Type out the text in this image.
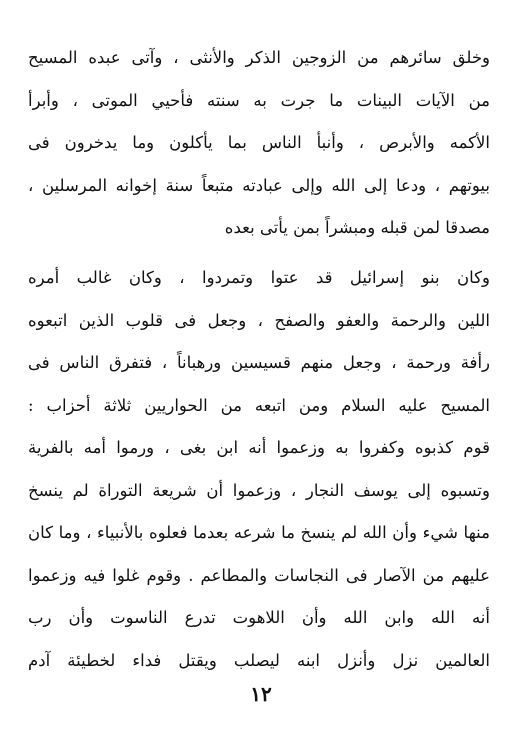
وخلق سائرهم من الزوجين الذكر والأنثى ، وآتى عبده المسيح
من الآيات البينات ما جرت به سنته فأحيي الموتى ، وأبرأ
الأكمه والأبرص ، وأنبأ الناس بما يأكلون وما يدخرون فى
بيوتهم ، ودعا إلى الله وإلى عبادته متبعاً سنة إخوانه المرسلين ،
مصدقا لمن قبله ومبشراً بمن يأتى بعده
وكان بنو إسرائيل قد عتوا وتمردوا ، وكان غالب أمره
اللين والرحمة والعفو والصفح ، وجعل فى قلوب الذين اتبعوه
رأفة ورحمة ، وجعل منهم قسيسين ورهباناً ، فتفرق الناس فى
المسيح عليه السلام ومن اتبعه من الحواريين ثلاثة أحزاب :
قوم كذبوه وكفروا به وزعموا أنه ابن بغى ، ورموا أمه بالفرية
وتسبوه إلى يوسف النجار ، وزعموا أن شريعة التوراة لم ينسخ
منها شيء وأن الله لم ينسخ ما شرعه بعدما فعلوه بالأنبياء ، وما كان
عليهم من الآصار فى النجاسات والمطاعم . وقوم غلوا فيه وزعموا
أنه الله وابن الله وأن اللاهوت تدرع الناسوت وأن رب
العالمين نزل وأنزل ابنه ليصلب ويقتل فداء لخطيئة آدم
١٢
